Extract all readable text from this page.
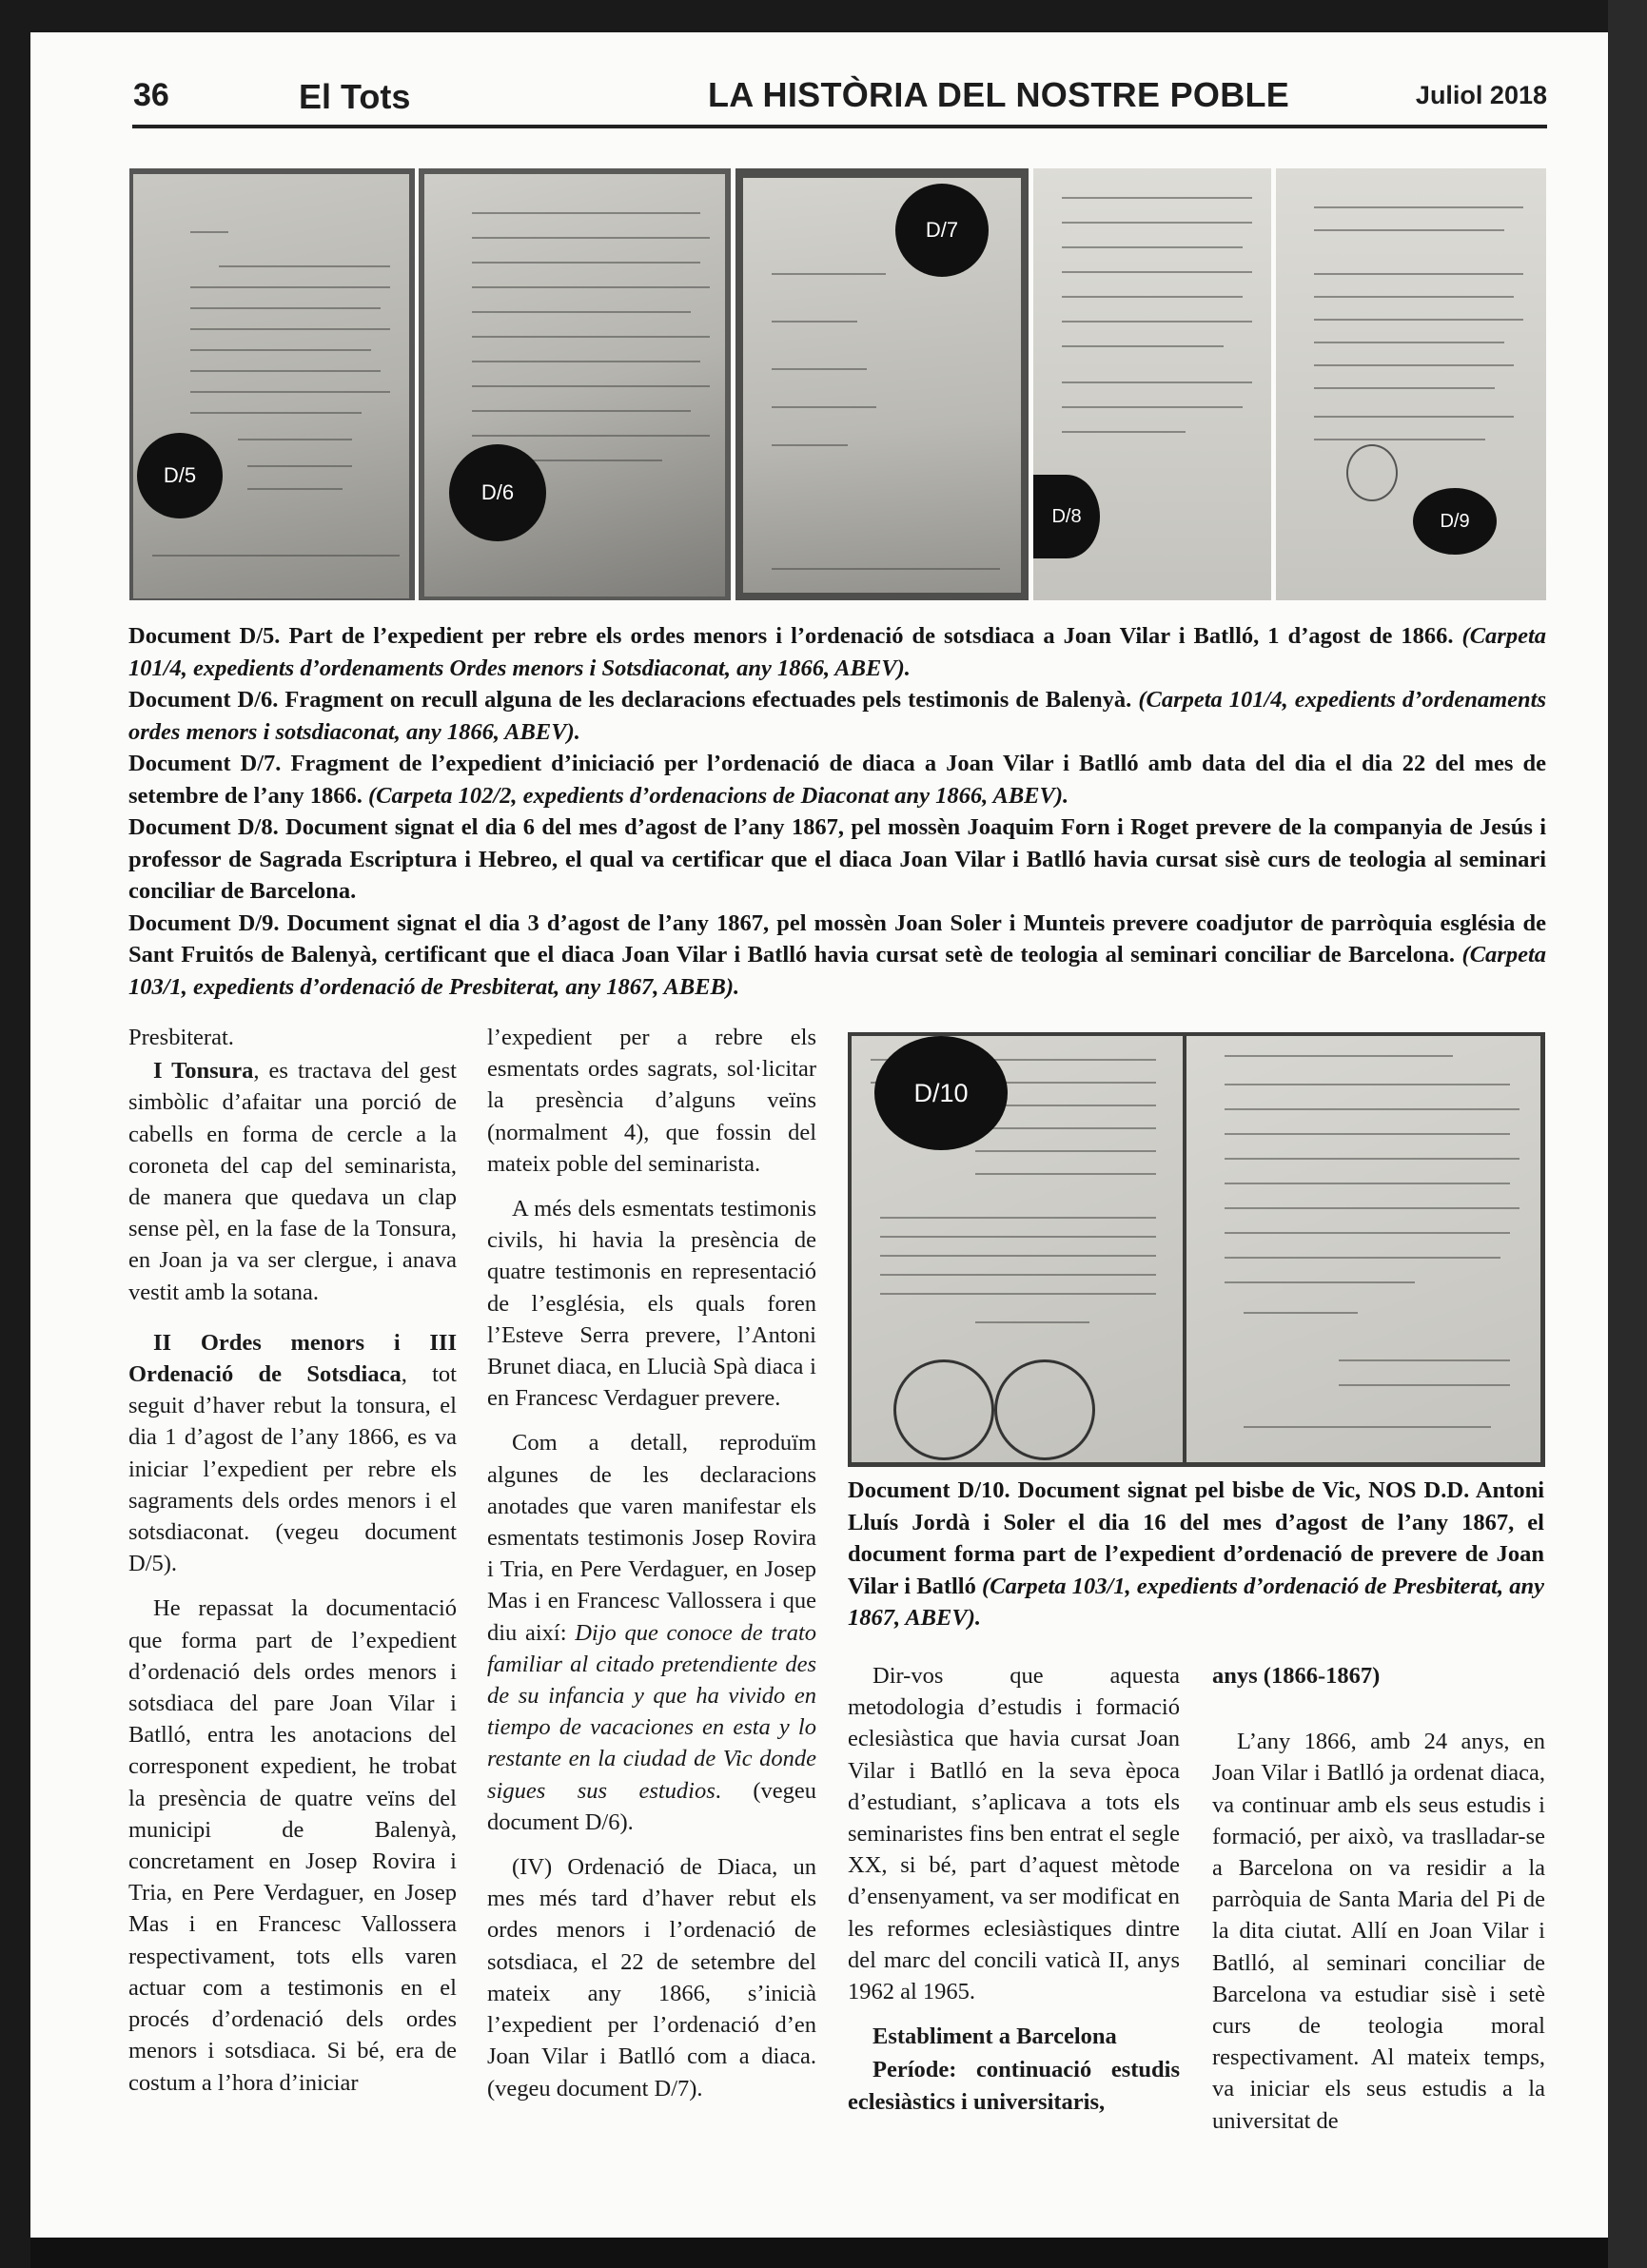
36	El Tots	LA HISTÒRIA DEL NOSTRE POBLE	Juliol 2018
D/5
D/6
D/7
D/8	D/9

Document D/5. Part de l’expedient per rebre els ordes menors i l’ordenació de sotsdiaca a Joan Vilar i Batlló, 1 d’agost de 1866. (Carpeta 101/4, expedients d’ordenaments Ordes menors i Sotsdiaconat, any 1866, ABEV).

Document D/6. Fragment on recull alguna de les declaracions efectuades pels testimonis de Balenyà. (Carpeta 101/4, expedients d’ordenaments ordes menors i sotsdiaconat, any 1866, ABEV).

Document D/7. Fragment de l’expedient d’iniciació per l’ordenació de diaca a Joan Vilar i Batlló amb data del dia el dia 22 del mes de setembre de l’any 1866. (Carpeta 102/2, expedients d’ordenacions de Diaconat any 1866, ABEV).

Document D/8. Document signat el dia 6 del mes d’agost de l’any 1867, pel mossèn Joaquim Forn i Roget prevere de la companyia de Jesús i professor de Sagrada Escriptura i Hebreo, el qual va certificar que el diaca Joan Vilar i Batlló havia cursat sisè curs de teologia al seminari conciliar de Barcelona.

Document D/9. Document signat el dia 3 d’agost de l’any 1867, pel mossèn Joan Soler i Munteis prevere coadjutor de parròquia església de Sant Fruitós de Balenyà, certificant que el diaca Joan Vilar i Batlló havia cursat setè de teologia al seminari conciliar de Barcelona. (Carpeta 103/1, expedients d’ordenació de Presbiterat, any 1867, ABEB).

Presbiterat.

I Tonsura, es tractava del gest simbòlic d’afaitar una porció de cabells en forma de cercle a la coroneta del cap del seminarista, de manera que quedava un clap sense pèl, en la fase de la Tonsura, en Joan ja va ser clergue, i anava vestit amb la sotana.

II Ordes menors i III Ordenació de Sotsdiaca, tot seguit d’haver rebut la tonsura, el dia 1 d’agost de l’any 1866, es va iniciar l’expedient per rebre els sagraments dels ordes menors i el sotsdiaconat. (vegeu document D/5).

He repassat la documentació que forma part de l’expedient d’ordenació dels ordes menors i sotsdiaca del pare Joan Vilar i Batlló, entra les anotacions del corresponent expedient, he trobat la presència de quatre veïns del municipi de Balenyà, concretament en Josep Rovira i Tria, en Pere Verdaguer, en Josep Mas i en Francesc Vallossera respectivament, tots ells varen actuar com a testimonis en el procés d’ordenació dels ordes menors i sotsdiaca. Si bé, era de costum a l’hora d’iniciar

l’expedient per a rebre els esmentats ordes sagrats, sol·licitar la presència d’alguns veïns (normalment 4), que fossin del mateix poble del seminarista.

A més dels esmentats testimonis civils, hi havia la presència de quatre testimonis en representació de l’església, els quals foren l’Esteve Serra prevere, l’Antoni Brunet diaca, en Llucià Spà diaca i en Francesc Verdaguer prevere.

Com a detall, reproduïm algunes de les declaracions anotades que varen manifestar els esmentats testimonis Josep Rovira i Tria, en Pere Verdaguer, en Josep Mas i en Francesc Vallossera i que diu així: Dijo que conoce de trato familiar al citado pretendiente des de su infancia y que ha vivido en tiempo de vacaciones en esta y lo restante en la ciudad de Vic donde sigues sus estudios. (vegeu document D/6).

(IV) Ordenació de Diaca, un mes més tard d’haver rebut els ordes menors i l’ordenació de sotsdiaca, el 22 de setembre del mateix any 1866, s’inicià l’expedient per l’ordenació d’en Joan Vilar i Batlló com a diaca. (vegeu document D/7).

D/10
Document D/10. Document signat pel bisbe de Vic, NOS D.D. Antoni Lluís Jordà i Soler el dia 16 del mes d’agost de l’any 1867, el document forma part de l’expedient d’ordenació de prevere de Joan Vilar i Batlló (Carpeta 103/1, expedients d’ordenació de Presbiterat, any 1867, ABEV).

Dir-vos que aquesta metodologia d’estudis i formació eclesiàstica que havia cursat Joan Vilar i Batlló en la seva època d’estudiant, s’aplicava a tots els seminaristes fins ben entrat el segle XX, si bé, part d’aquest mètode d’ensenyament, va ser modificat en les reformes eclesiàstiques dintre del marc del concili vaticà II, anys 1962 al 1965.

Establiment a Barcelona

Període: continuació estudis eclesiàstics i universitaris,

anys (1866-1867)

L’any 1866, amb 24 anys, en Joan Vilar i Batlló ja ordenat diaca, va continuar amb els seus estudis i formació, per això, va traslladar-se a Barcelona on va residir a la parròquia de Santa Maria del Pi de la dita ciutat. Allí en Joan Vilar i Batlló, al seminari conciliar de Barcelona va estudiar sisè i setè curs de teologia moral respectivament. Al mateix temps, va iniciar els seus estudis a la universitat de
